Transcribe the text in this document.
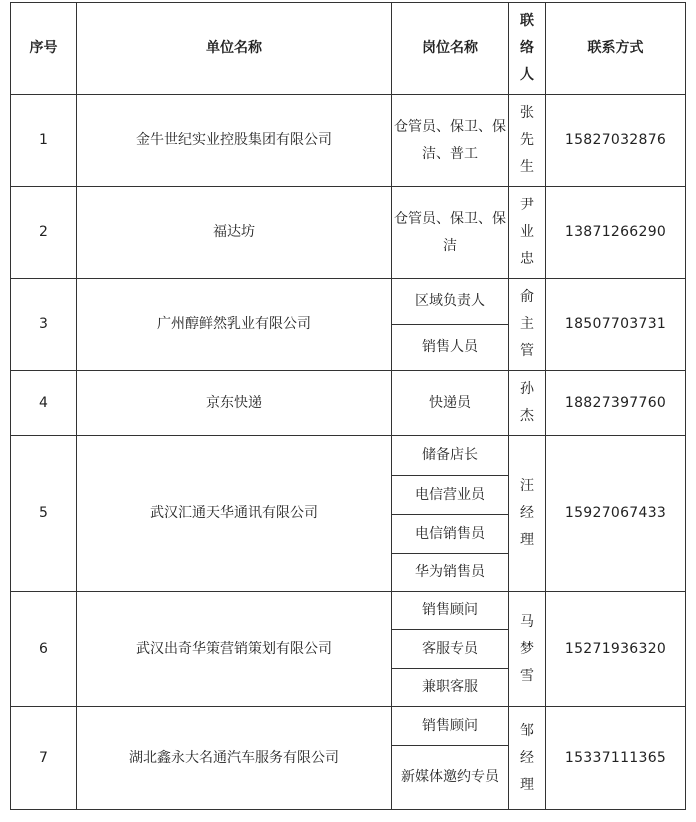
序号	单位名称	岗位名称	联络人	联系方式
1	金牛世纪实业控股集团有限公司	仓管员、保卫、保洁、普工	张先生	15827032876
2	福达坊	仓管员、保卫、保洁	尹业忠	13871266290
3	广州醇鲜然乳业有限公司	区域负责人	俞主管	18507703731
		销售人员		
4	京东快递	快递员	孙杰	18827397760
5	武汉汇通天华通讯有限公司	储备店长	汪经理	15927067433
		电信营业员		
		电信销售员		
		华为销售员		
6	武汉出奇华策营销策划有限公司	销售顾问	马梦雪	15271936320
		客服专员		
		兼职客服		
7	湖北鑫永大名通汽车服务有限公司	销售顾问	邹经理	15337111365
		新媒体邀约专员		
